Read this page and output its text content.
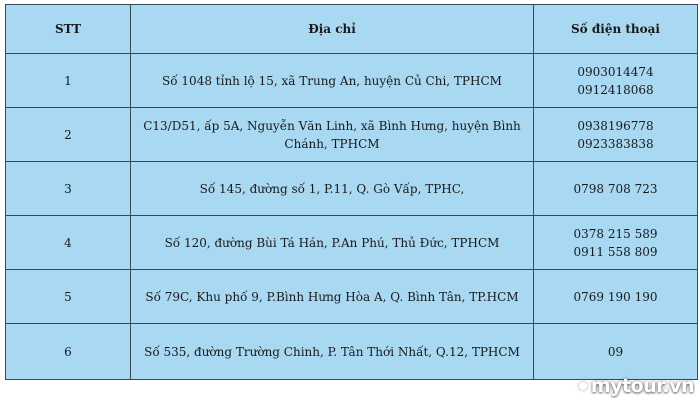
STT	Địa chỉ	Số điện thoại
1	Số 1048 tỉnh lộ 15, xã Trung An, huyện Củ Chi, TPHCM	0903014474
0912418068

2	C13/D51, ấp 5A, Nguyễn Văn Linh, xã Bình Hưng, huyện Bình Chánh, TPHCM	0938196778
0923383838

3	Số 145, đường số 1, P.11, Q. Gò Vấp, TPHC,	0798 708 723

4	Số 120, đường Bùi Tá Hán, P.An Phú, Thủ Đức, TPHCM	0378 215 589
0911 558 809

5	Số 79C, Khu phố 9, P.Bình Hưng Hòa A, Q. Bình Tân, TP.HCM	0769 190 190

6	Số 535, đường Trường Chinh, P. Tân Thới Nhất, Q.12, TPHCM	09
mytour.vn
